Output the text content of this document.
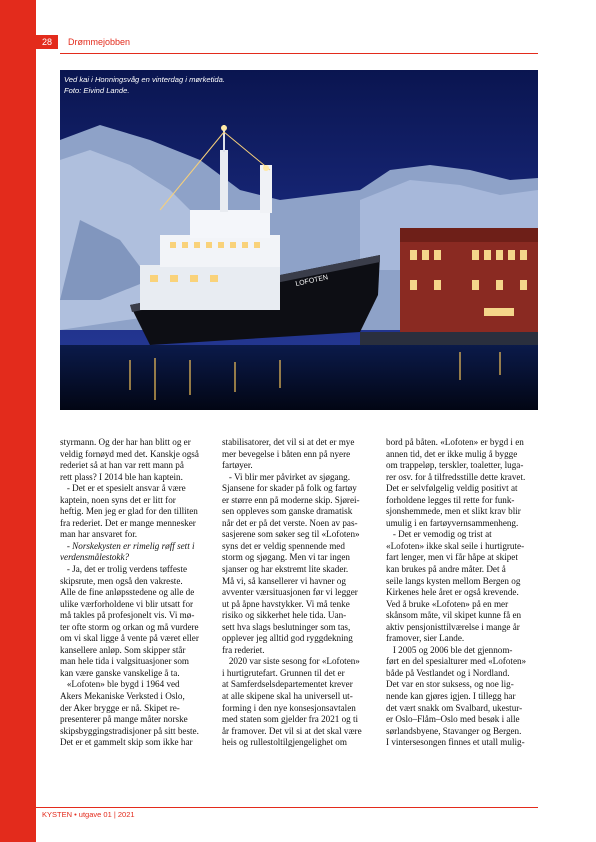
28	Drømmejobben
LOFOTEN
Ved kai i Honningsvåg en vinterdag i mørketida.
Foto: Eivind Lande.

styrmann. Og der har han blitt og er

veldig fornøyd med det. Kanskje også

rederiet så at han var rett mann på

rett plass? I 2014 ble han kaptein.

- Det er et spesielt ansvar å være

kaptein, noen syns det er litt for

heftig. Men jeg er glad for den tilliten

fra rederiet. Det er mange mennesker

man har ansvaret for.

- Norskekysten er rimelig røff sett i

verdensmålestokk?

- Ja, det er trolig verdens tøffeste

skipsrute, men også den vakreste.

Alle de fine anløpsstedene og alle de

ulike værforholdene vi blir utsatt for

må takles på profesjonelt vis. Vi mø-

ter ofte storm og orkan og må vurdere

om vi skal ligge å vente på været eller

kansellere anløp. Som skipper står

man hele tida i valgsituasjoner som

kan være ganske vanskelige å ta.

«Lofoten» ble bygd i 1964 ved

Akers Mekaniske Verksted i Oslo,

der Aker brygge er nå. Skipet re-

presenterer på mange måter norske

skipsbyggingstradisjoner på sitt beste.

Det er et gammelt skip som ikke har

stabilisatorer, det vil si at det er mye

mer bevegelse i båten enn på nyere

fartøyer.

- Vi blir mer påvirket av sjøgang.

Sjansene for skader på folk og fartøy

er større enn på moderne skip. Sjørei-

sen oppleves som ganske dramatisk

når det er på det verste. Noen av pas-

sasjerene som søker seg til «Lofoten»

syns det er veldig spennende med

storm og sjøgang. Men vi tar ingen

sjanser og har ekstremt lite skader.

Må vi, så kansellerer vi havner og

avventer værsituasjonen før vi legger

ut på åpne havstykker. Vi må tenke

risiko og sikkerhet hele tida. Uan-

sett hva slags beslutninger som tas,

opplever jeg alltid god ryggdekning

fra rederiet.

2020 var siste sesong for «Lofoten»

i hurtigrutefart. Grunnen til det er

at Samferdselsdepartementet krever

at alle skipene skal ha universell ut-

forming i den nye konsesjonsavtalen

med staten som gjelder fra 2021 og ti

år framover. Det vil si at det skal være

heis og rullestoltilgjengelighet om

bord på båten. «Lofoten» er bygd i en

annen tid, det er ikke mulig å bygge

om trappeløp, terskler, toaletter, luga-

rer osv. for å tilfredsstille dette kravet.

Det er selvfølgelig veldig positivt at

forholdene legges til rette for funk-

sjonshemmede, men et slikt krav blir

umulig i en fartøyvernsammenheng.

- Det er vemodig og trist at

«Lofoten» ikke skal seile i hurtigrute-

fart lenger, men vi får håpe at skipet

kan brukes på andre måter. Det å

seile langs kysten mellom Bergen og

Kirkenes hele året er også krevende.

Ved å bruke «Lofoten» på en mer

skånsom måte, vil skipet kunne få en

aktiv pensjonisttilværelse i mange år

framover, sier Lande.

I 2005 og 2006 ble det gjennom-

ført en del spesialturer med «Lofoten»

både på Vestlandet og i Nordland.

Det var en stor suksess, og noe lig-

nende kan gjøres igjen. I tillegg har

det vært snakk om Svalbard, ukestur-

er Oslo–Flåm–Oslo med besøk i alle

sørlandsbyene, Stavanger og Bergen.

I vintersesongen finnes et utall mulig-

KYSTEN • utgave 01 | 2021
